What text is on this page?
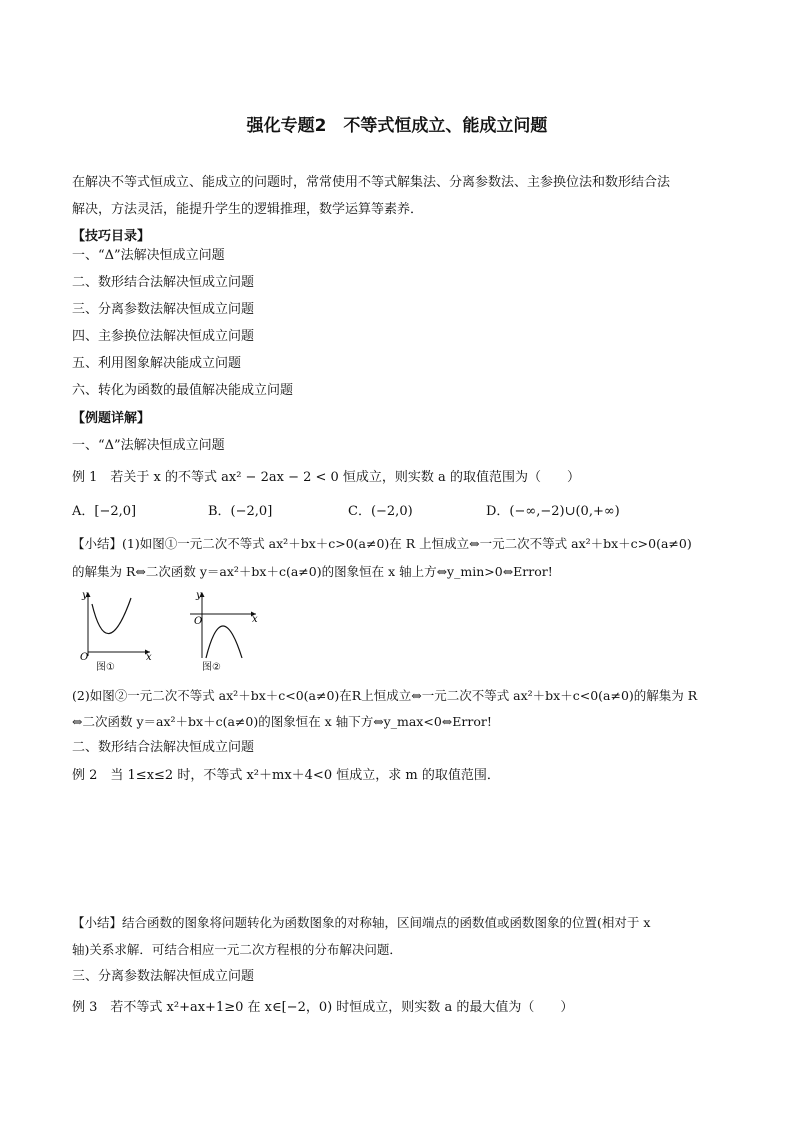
强化专题2　不等式恒成立、能成立问题
在解决不等式恒成立、能成立的问题时，常常使用不等式解集法、分离参数法、主参换位法和数形结合法
解决，方法灵活，能提升学生的逻辑推理，数学运算等素养．
【技巧目录】
一、“Δ”法解决恒成立问题
二、数形结合法解决恒成立问题
三、分离参数法解决恒成立问题
四、主参换位法解决恒成立问题
五、利用图象解决能成立问题
六、转化为函数的最值解决能成立问题
【例题详解】
一、“Δ”法解决恒成立问题
例 1　若关于 x 的不等式 ax² − 2ax − 2 < 0 恒成立，则实数 a 的取值范围为（　　）
A．[−2,0]	B．(−2,0]	C．(−2,0)	D．(−∞,−2)∪(0,+∞)
【小结】(1)如图①一元二次不等式 ax²＋bx＋c>0(a≠0)在 R 上恒成立⇔一元二次不等式 ax²＋bx＋c>0(a≠0)
的解集为 R⇔二次函数 y＝ax²＋bx＋c(a≠0)的图象恒在 x 轴上方⇔y_min>0⇔Error!
y
x
O
图①
y
x
O
图②
(2)如图②一元二次不等式 ax²＋bx＋c<0(a≠0)在R上恒成立⇔一元二次不等式 ax²＋bx＋c<0(a≠0)的解集为 R
⇔二次函数 y＝ax²＋bx＋c(a≠0)的图象恒在 x 轴下方⇔y_max<0⇔Error!
二、数形结合法解决恒成立问题
例 2　当 1≤x≤2 时，不等式 x²＋mx＋4<0 恒成立，求 m 的取值范围．
【小结】结合函数的图象将问题转化为函数图象的对称轴，区间端点的函数值或函数图象的位置(相对于 x
轴)关系求解．可结合相应一元二次方程根的分布解决问题．
三、分离参数法解决恒成立问题
例 3　若不等式 x²+ax+1≥0 在 x∈[−2，0) 时恒成立，则实数 a 的最大值为（　　）
